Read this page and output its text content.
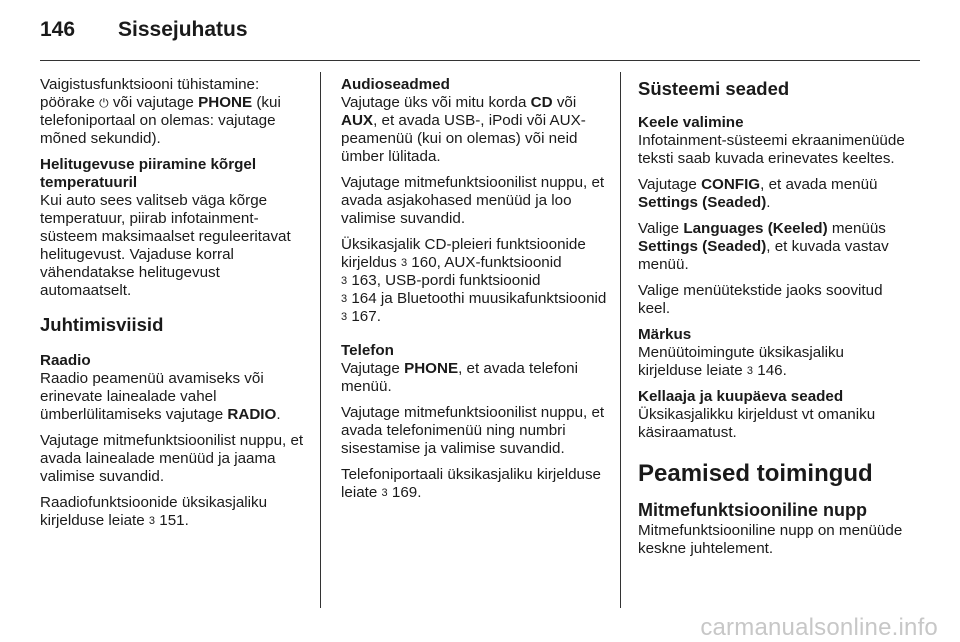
146 Sissejuhatus

Vaigistusfunktsiooni tühistamine: pöörake ⏻ või vajutage PHONE (kui telefoniportaal on olemas: vajutage mõned sekundid).

Helitugevuse piiramine kõrgel temperatuuril
Kui auto sees valitseb väga kõrge temperatuur, piirab infotainment-süsteem maksimaalset reguleeritavat helitugevust. Vajaduse korral vähendatakse helitugevust automaatselt.

Juhtimisviisid

Raadio
Raadio peamenüü avamiseks või erinevate lainealade vahel ümberlülitamiseks vajutage RADIO.

Vajutage mitmefunktsioonilist nuppu, et avada lainealade menüüd ja jaama valimise suvandid.

Raadiofunktsioonide üksikasjaliku kirjelduse leiate 3 151.

Audioseadmed
Vajutage üks või mitu korda CD või AUX, et avada USB-, iPodi või AUX-peamenüü (kui on olemas) või neid ümber lülitada.

Vajutage mitmefunktsioonilist nuppu, et avada asjakohased menüüd ja loo valimise suvandid.

Üksikasjalik CD-pleieri funktsioonide kirjeldus 3 160, AUX-funktsioonid
3 163, USB-pordi funktsioonid
3 164 ja Bluetoothi muusikafunktsioonid 3 167.

Telefon
Vajutage PHONE, et avada telefoni menüü.

Vajutage mitmefunktsioonilist nuppu, et avada telefonimenüü ning numbri sisestamise ja valimise suvandid.

Telefoniportaali üksikasjaliku kirjelduse leiate 3 169.

Süsteemi seaded

Keele valimine
Infotainment-süsteemi ekraanimenüüde teksti saab kuvada erinevates keeltes.

Vajutage CONFIG, et avada menüü Settings (Seaded).

Valige Languages (Keeled) menüüs Settings (Seaded), et kuvada vastav menüü.

Valige menüütekstide jaoks soovitud keel.

Märkus
Menüütoimingute üksikasjaliku kirjelduse leiate 3 146.

Kellaaja ja kuupäeva seaded
Üksikasjalikku kirjeldust vt omaniku käsiraamatust.

Peamised toimingud
Mitmefunktsiooniline nupp

Mitmefunktsiooniline nupp on menüüde keskne juhtelement.

carmanualsonline.info
